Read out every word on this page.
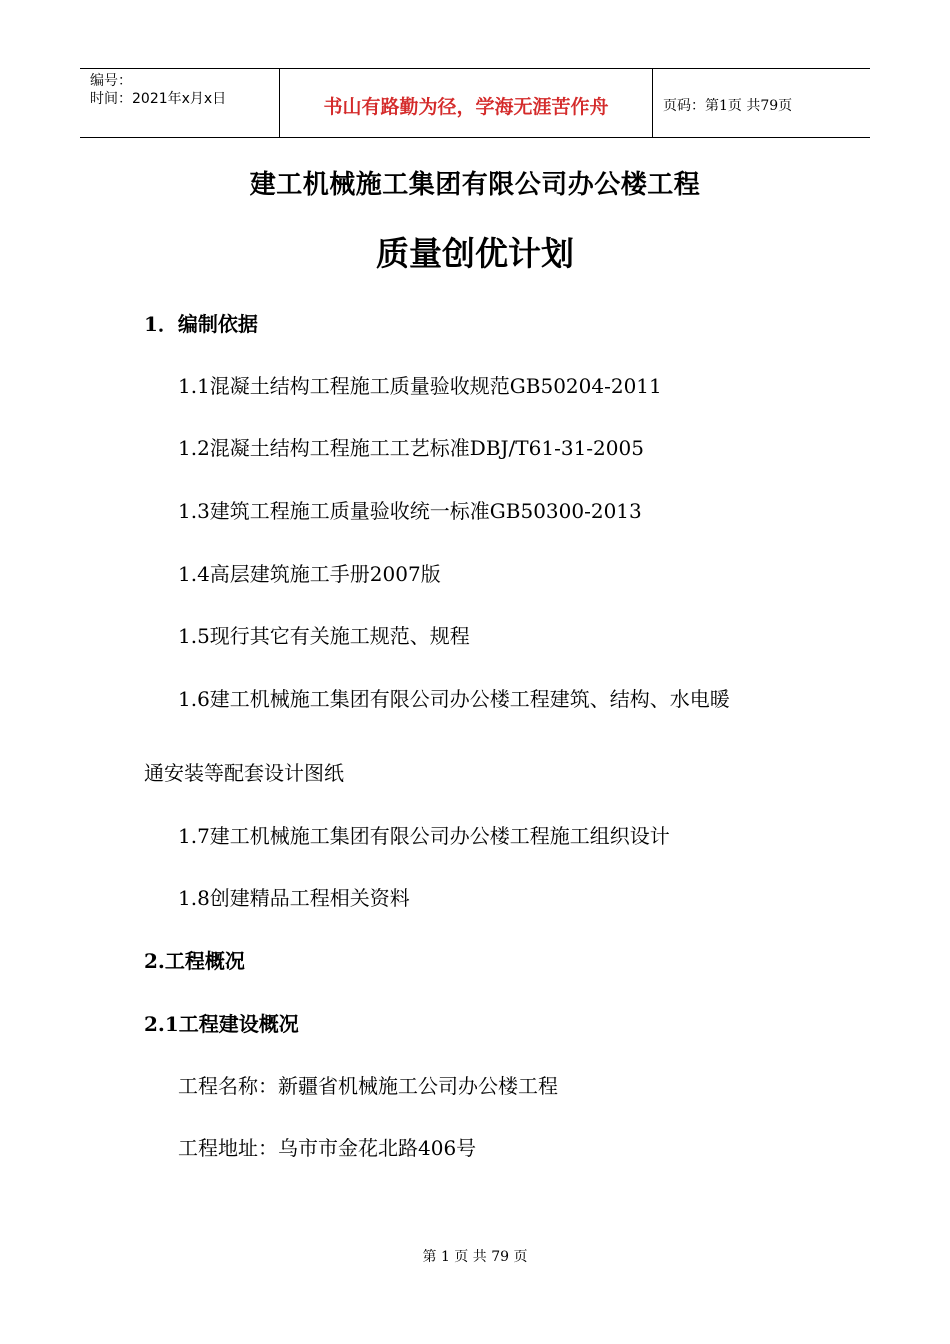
编号：
时间：2021年x月x日	书山有路勤为径，学海无涯苦作舟	页码：第1页 共79页
建工机械施工集团有限公司办公楼工程
质量创优计划
1．编制依据
1.1混凝土结构工程施工质量验收规范GB50204-2011
1.2混凝土结构工程施工工艺标准DBJ/T61-31-2005
1.3建筑工程施工质量验收统一标准GB50300-2013
1.4高层建筑施工手册2007版
1.5现行其它有关施工规范、规程
1.6建工机械施工集团有限公司办公楼工程建筑、结构、水电暖
通安装等配套设计图纸
1.7建工机械施工集团有限公司办公楼工程施工组织设计
1.8创建精品工程相关资料
2.工程概况
2.1工程建设概况
工程名称：新疆省机械施工公司办公楼工程
工程地址：乌市市金花北路406号
第 1 页 共 79 页
